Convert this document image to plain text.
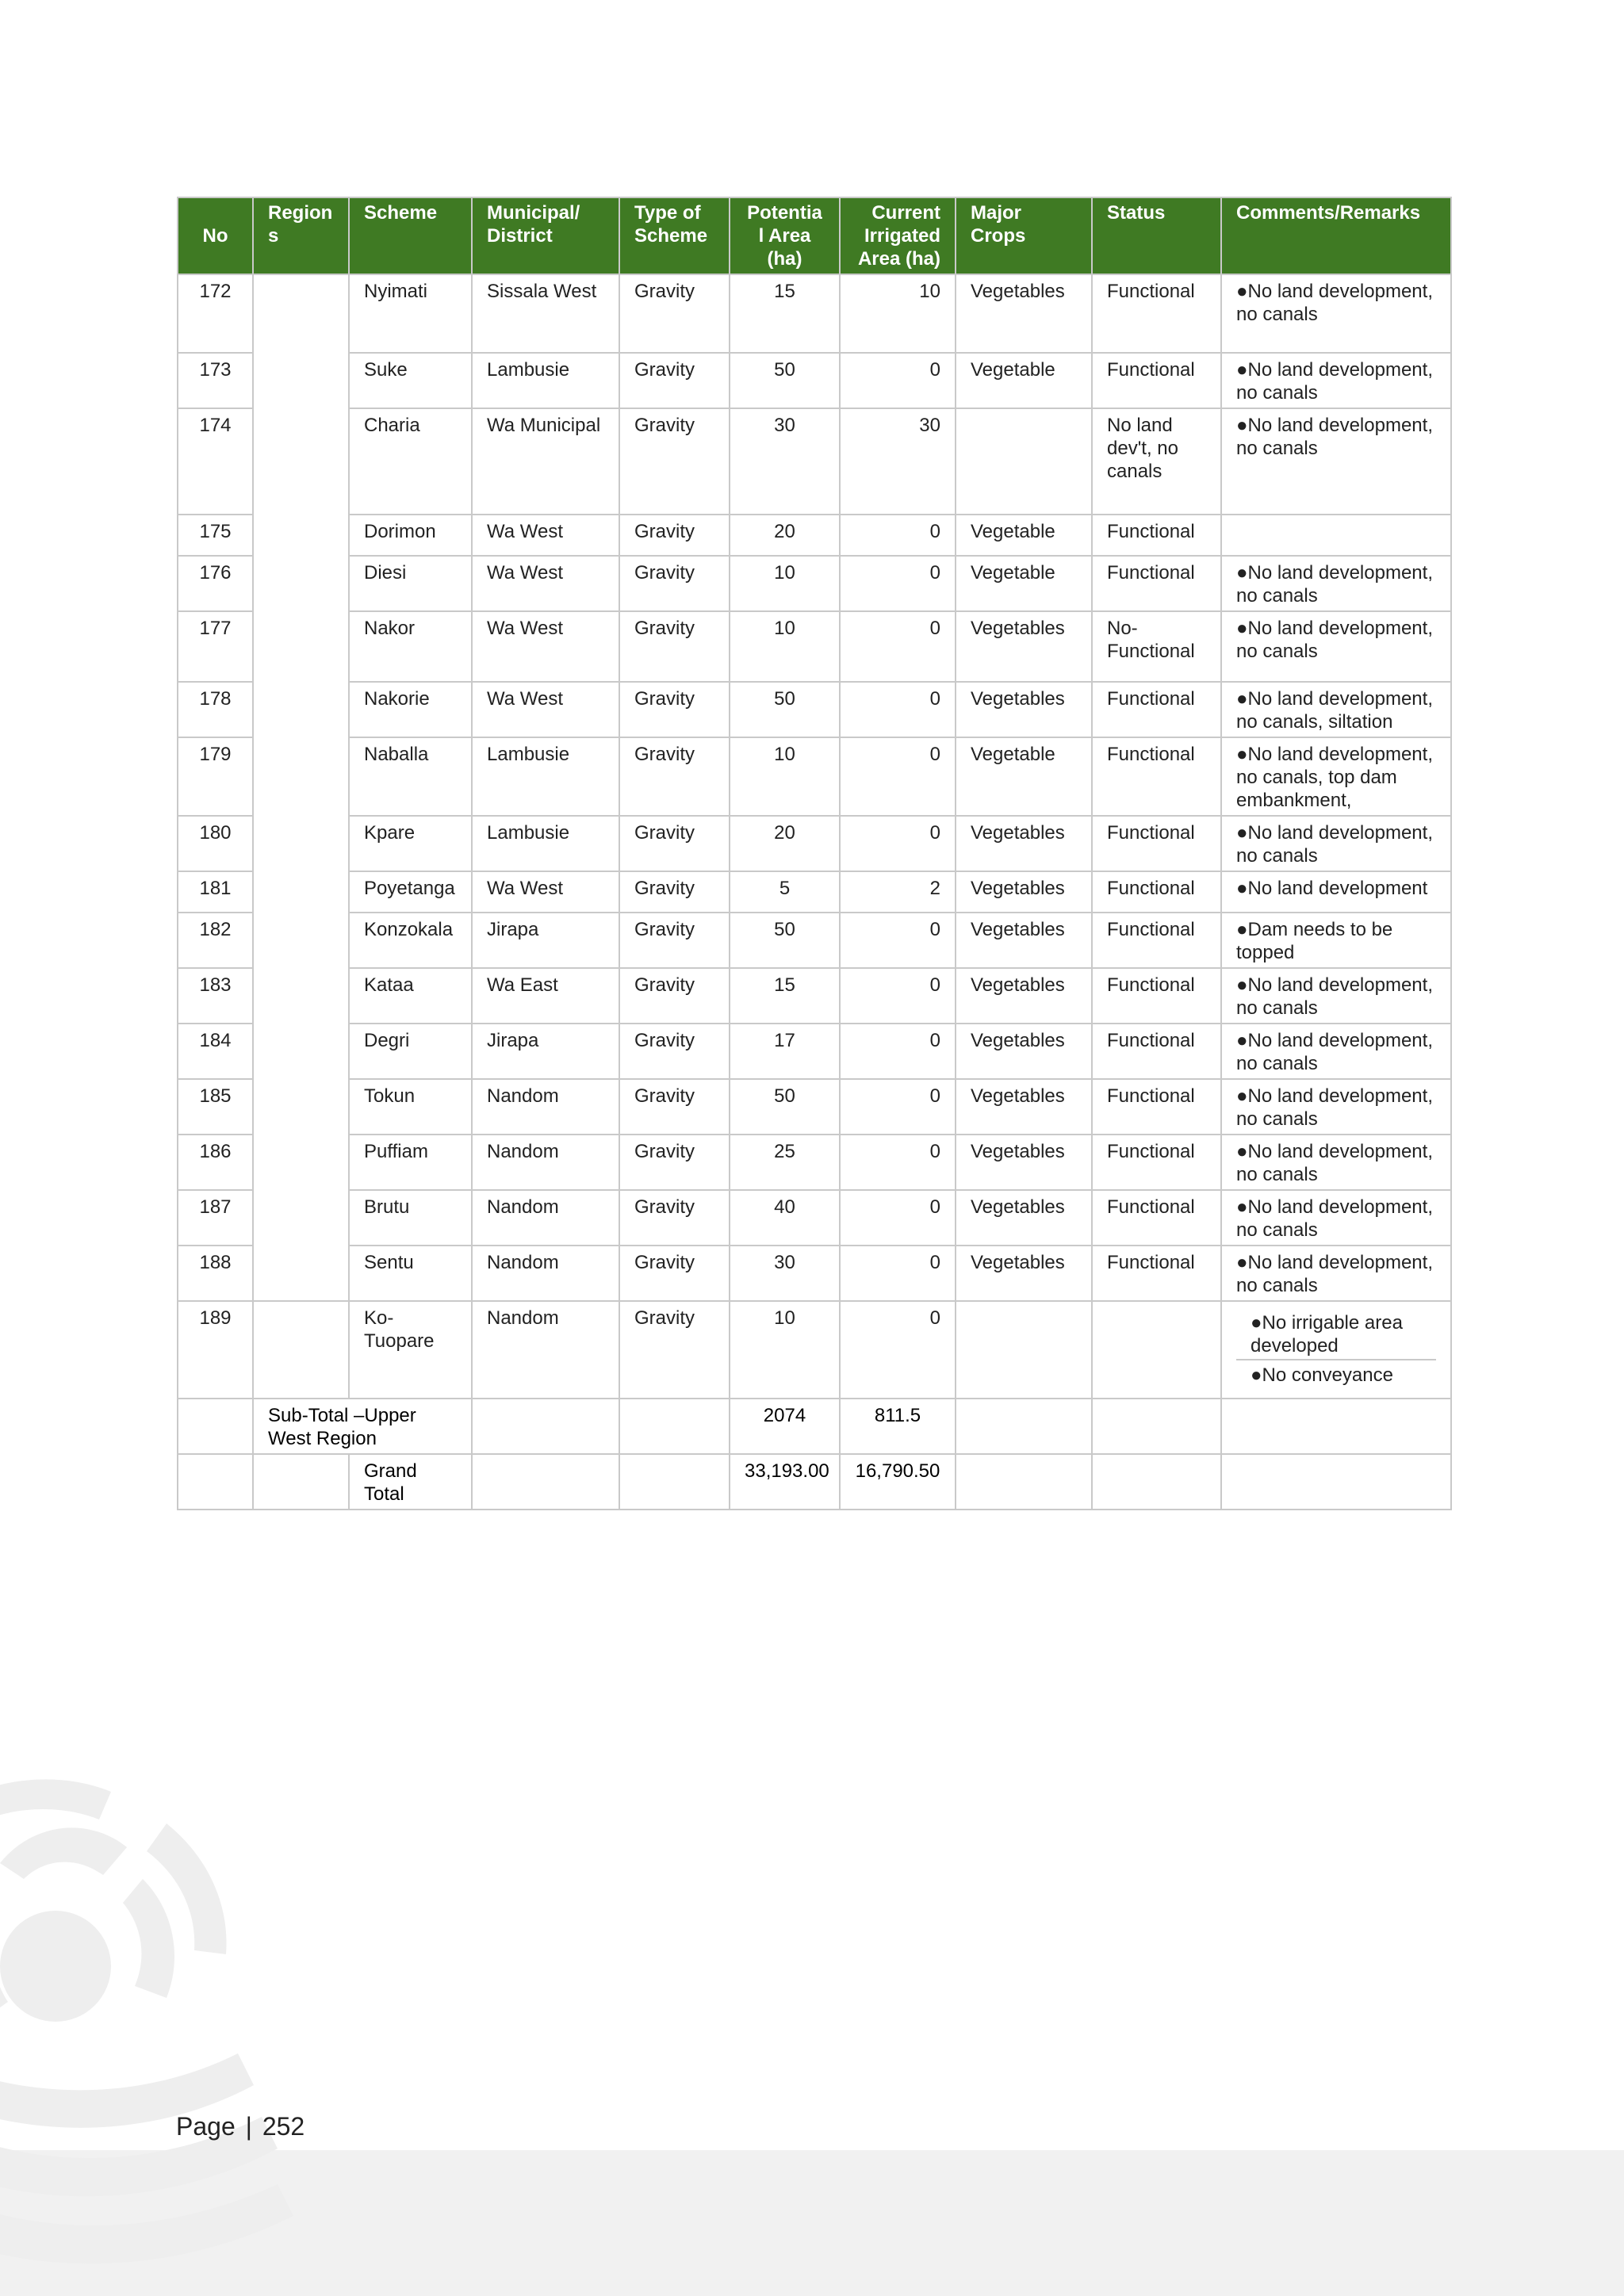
No	Region s	Scheme	Municipal/ District	Type of Scheme	Potentia l Area (ha)	Current Irrigated Area (ha)	Major Crops	Status	Comments/Remarks
172		Nyimati	Sissala West	Gravity	15	10	Vegetables	Functional	●No land development, no canals
173		Suke	Lambusie	Gravity	50	0	Vegetable	Functional	●No land development, no canals
174		Charia	Wa Municipal	Gravity	30	30		No land dev't, no canals	●No land development, no canals
175		Dorimon	Wa West	Gravity	20	0	Vegetable	Functional	
176		Diesi	Wa West	Gravity	10	0	Vegetable	Functional	●No land development, no canals
177		Nakor	Wa West	Gravity	10	0	Vegetables	No-Functional	●No land development, no canals
178		Nakorie	Wa West	Gravity	50	0	Vegetables	Functional	●No land development, no canals, siltation
179		Naballa	Lambusie	Gravity	10	0	Vegetable	Functional	●No land development, no canals, top dam embankment,
180		Kpare	Lambusie	Gravity	20	0	Vegetables	Functional	●No land development, no canals
181		Poyetanga	Wa West	Gravity	5	2	Vegetables	Functional	●No land development
182		Konzokala	Jirapa	Gravity	50	0	Vegetables	Functional	●Dam needs to be topped
183		Kataa	Wa East	Gravity	15	0	Vegetables	Functional	●No land development, no canals
184		Degri	Jirapa	Gravity	17	0	Vegetables	Functional	●No land development, no canals
185		Tokun	Nandom	Gravity	50	0	Vegetables	Functional	●No land development, no canals
186		Puffiam	Nandom	Gravity	25	0	Vegetables	Functional	●No land development, no canals
187		Brutu	Nandom	Gravity	40	0	Vegetables	Functional	●No land development, no canals
188		Sentu	Nandom	Gravity	30	0	Vegetables	Functional	●No land development, no canals
189		Ko-Tuopare	Nandom	Gravity	10	0			●No irrigable area developed
●No conveyance

	Sub-Total –Upper West Region				2074	811.5			
		Grand Total			33,193.00	16,790.50			
Page | 252
